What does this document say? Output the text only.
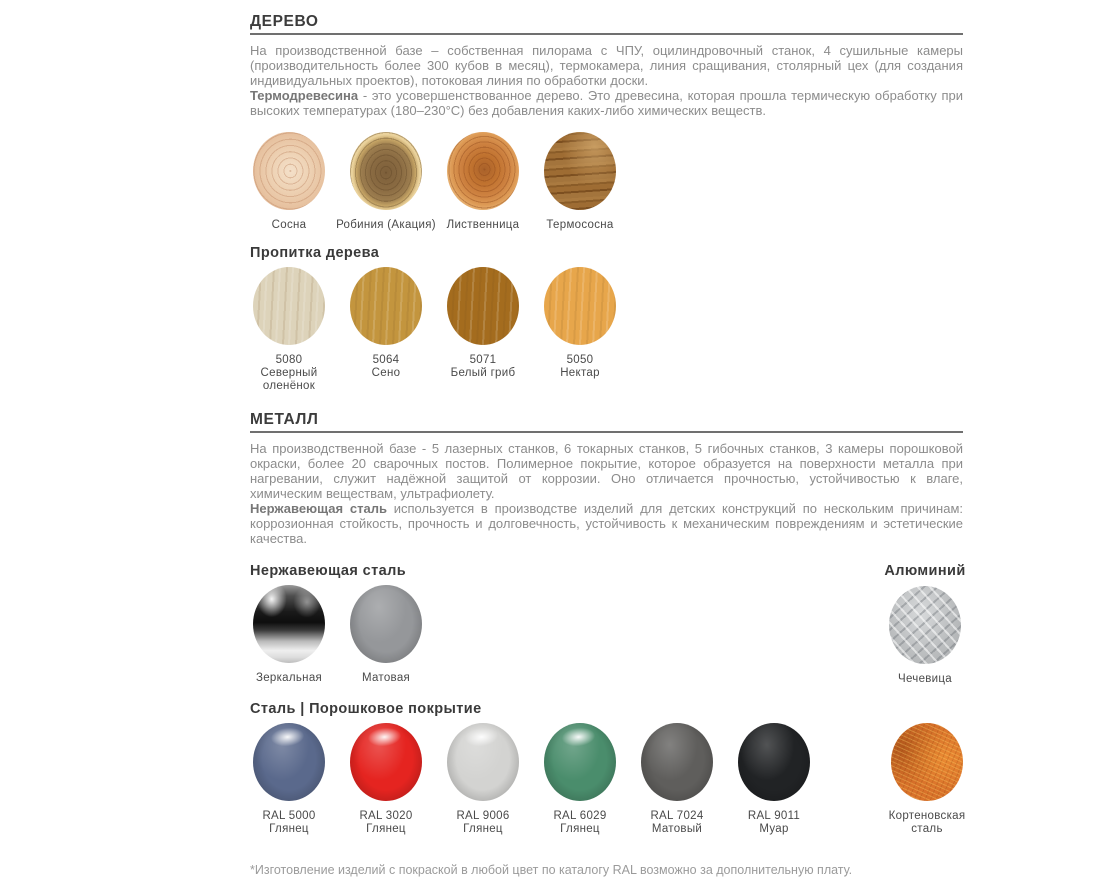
ДЕРЕВО

На производственной базе – собственная пилорама с ЧПУ, оцилиндровочный станок, 4 сушильные камеры (производительность более 300 кубов в месяц), термокамера, линия сращивания, столярный цех (для создания индивидуальных проектов), потоковая линия по обработки доски.

Термодревесина - это усовершенствованное дерево. Это древесина, которая прошла термическую обработку при высоких температурах (180–230°С) без добавления каких-либо химических веществ.

Сосна	Робиния (Акация) Лиственница Термососна
Пропитка дерева
5080
Северный оленёнок
5064
Сено
5071
Белый гриб
5050
Нектар
МЕТАЛЛ

На производственной базе - 5 лазерных станков, 6 токарных станков, 5 гибочных станков, 3 камеры порошковой окраски, более 20 сварочных постов. Полимерное покрытие, которое образуется на поверхности металла при нагревании, служит надёжной защитой от коррозии. Оно отличается прочностью, устойчивостью к влаге, химическим веществам, ультрафиолету.

Нержавеющая сталь используется в производстве изделий для детских конструкций по нескольким причинам: коррозионная стойкость, прочность и долговечность, устойчивость к механическим повреждениям и эстетические качества.

Нержавеющая сталь
Зеркальная	Матовая
Алюминий
Чечевица
Сталь | Порошковое покрытие
RAL 5000
Глянец
RAL 3020
Глянец
RAL 9006
Глянец
RAL 6029
Глянец
RAL 7024
Матовый
RAL 9011
Муар
Кортеновская сталь

*Изготовление изделий с покраской в любой цвет по каталогу RAL возможно за дополнительную плату.
